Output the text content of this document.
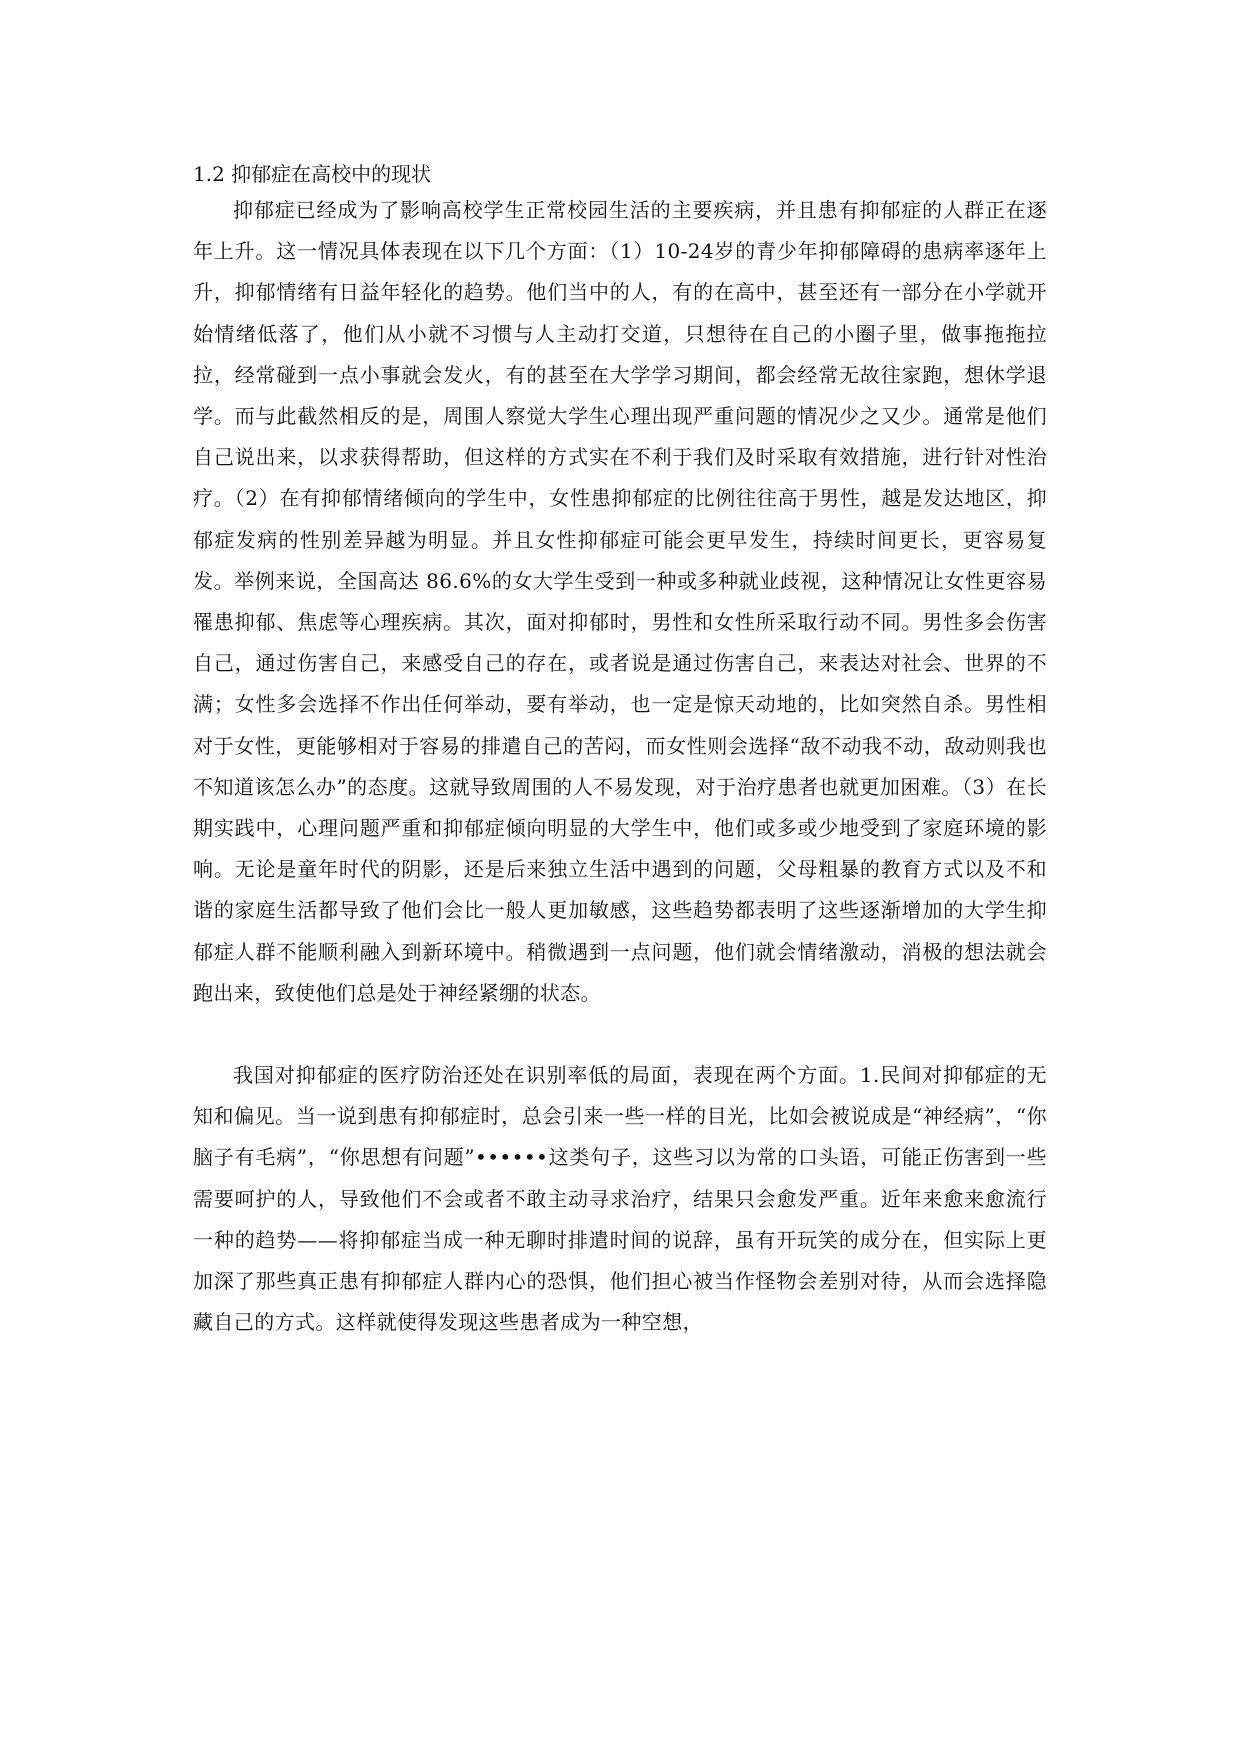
1.2 抑郁症在高校中的现状

抑郁症已经成为了影响高校学生正常校园生活的主要疾病，并且患有抑郁症的人群正在逐年上升。这一情况具体表现在以下几个方面：（1）10-24岁的青少年抑郁障碍的患病率逐年上升，抑郁情绪有日益年轻化的趋势。他们当中的人，有的在高中，甚至还有一部分在小学就开始情绪低落了，他们从小就不习惯与人主动打交道，只想待在自己的小圈子里，做事拖拖拉拉，经常碰到一点小事就会发火，有的甚至在大学学习期间，都会经常无故往家跑，想休学退学。而与此截然相反的是，周围人察觉大学生心理出现严重问题的情况少之又少。通常是他们自己说出来，以求获得帮助，但这样的方式实在不利于我们及时采取有效措施，进行针对性治疗。（2）在有抑郁情绪倾向的学生中，女性患抑郁症的比例往往高于男性，越是发达地区，抑郁症发病的性别差异越为明显。并且女性抑郁症可能会更早发生，持续时间更长，更容易复发。举例来说，全国高达 86.6%的女大学生受到一种或多种就业歧视，这种情况让女性更容易罹患抑郁、焦虑等心理疾病。其次，面对抑郁时，男性和女性所采取行动不同。男性多会伤害自己，通过伤害自己，来感受自己的存在，或者说是通过伤害自己，来表达对社会、世界的不满；女性多会选择不作出任何举动，要有举动，也一定是惊天动地的，比如突然自杀。男性相对于女性，更能够相对于容易的排遣自己的苦闷，而女性则会选择“敌不动我不动，敌动则我也不知道该怎么办”的态度。这就导致周围的人不易发现，对于治疗患者也就更加困难。（3）在长期实践中，心理问题严重和抑郁症倾向明显的大学生中，他们或多或少地受到了家庭环境的影响。无论是童年时代的阴影，还是后来独立生活中遇到的问题，父母粗暴的教育方式以及不和谐的家庭生活都导致了他们会比一般人更加敏感，这些趋势都表明了这些逐渐增加的大学生抑郁症人群不能顺利融入到新环境中。稍微遇到一点问题，他们就会情绪激动，消极的想法就会跑出来，致使他们总是处于神经紧绷的状态。

我国对抑郁症的医疗防治还处在识别率低的局面，表现在两个方面。1.民间对抑郁症的无知和偏见。当一说到患有抑郁症时，总会引来一些一样的目光，比如会被说成是“神经病”，“你脑子有毛病”，“你思想有问题”••••••这类句子，这些习以为常的口头语，可能正伤害到一些需要呵护的人，导致他们不会或者不敢主动寻求治疗，结果只会愈发严重。近年来愈来愈流行一种的趋势——将抑郁症当成一种无聊时排遣时间的说辞，虽有开玩笑的成分在，但实际上更加深了那些真正患有抑郁症人群内心的恐惧，他们担心被当作怪物会差别对待，从而会选择隐藏自己的方式。这样就使得发现这些患者成为一种空想，
